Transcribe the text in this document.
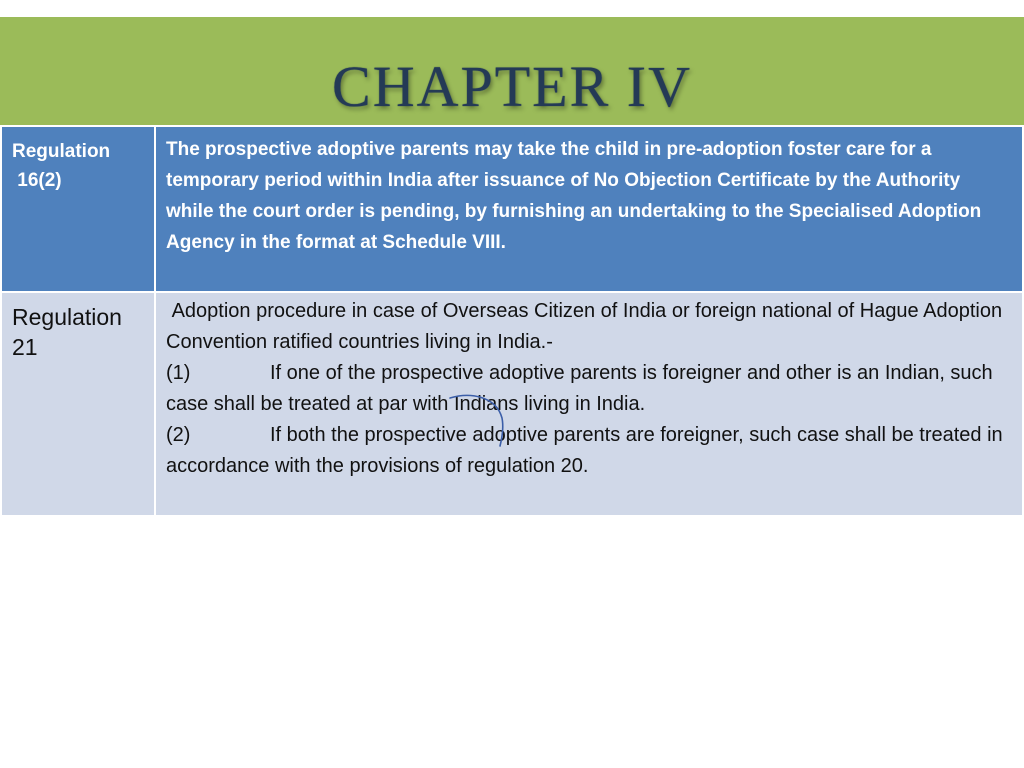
CHAPTER IV
Regulation
16(2)	The prospective adoptive parents may take the child in pre-adoption foster care for a temporary period within India after issuance of No Objection Certificate by the Authority while the court order is pending, by furnishing an undertaking to the Specialised Adoption Agency in the format at Schedule VIII.

Regulation
21	Adoption procedure in case of Overseas Citizen of India or foreign national of Hague Adoption Convention ratified countries living in India.-
(1) If one of the prospective adoptive parents is foreigner and other is an Indian, such case shall be treated at par with Indians living in India.
(2) If both the prospective adoptive parents are foreigner, such case shall be treated in accordance with the provisions of regulation 20.
